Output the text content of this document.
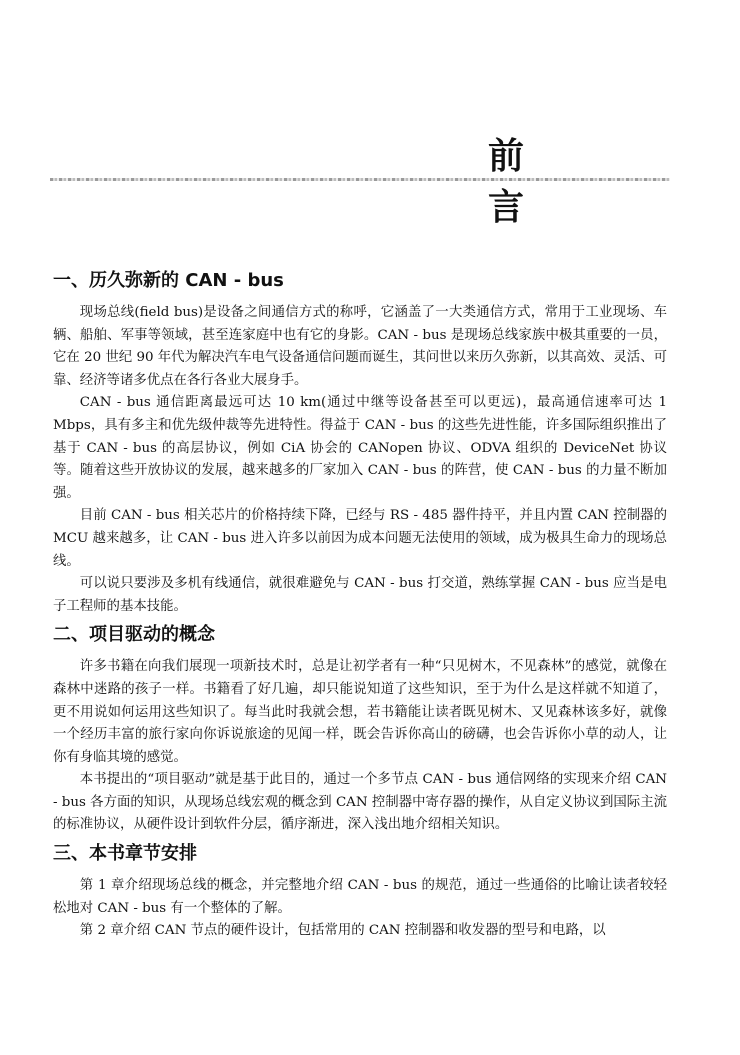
前 言
一、历久弥新的 CAN - bus

现场总线(field bus)是设备之间通信方式的称呼，它涵盖了一大类通信方式，常用于工业现场、车辆、船舶、军事等领域，甚至连家庭中也有它的身影。CAN - bus 是现场总线家族中极其重要的一员，它在 20 世纪 90 年代为解决汽车电气设备通信问题而诞生，其问世以来历久弥新，以其高效、灵活、可靠、经济等诸多优点在各行各业大展身手。

CAN - bus 通信距离最远可达 10 km(通过中继等设备甚至可以更远)，最高通信速率可达 1 Mbps，具有多主和优先级仲裁等先进特性。得益于 CAN - bus 的这些先进性能，许多国际组织推出了基于 CAN - bus 的高层协议，例如 CiA 协会的 CANopen 协议、ODVA 组织的 DeviceNet 协议等。随着这些开放协议的发展，越来越多的厂家加入 CAN - bus 的阵营，使 CAN - bus 的力量不断加强。

目前 CAN - bus 相关芯片的价格持续下降，已经与 RS - 485 器件持平，并且内置 CAN 控制器的 MCU 越来越多，让 CAN - bus 进入许多以前因为成本问题无法使用的领域，成为极具生命力的现场总线。

可以说只要涉及多机有线通信，就很难避免与 CAN - bus 打交道，熟练掌握 CAN - bus 应当是电子工程师的基本技能。

二、项目驱动的概念

许多书籍在向我们展现一项新技术时，总是让初学者有一种“只见树木，不见森林”的感觉，就像在森林中迷路的孩子一样。书籍看了好几遍，却只能说知道了这些知识，至于为什么是这样就不知道了，更不用说如何运用这些知识了。每当此时我就会想，若书籍能让读者既见树木、又见森林该多好，就像一个经历丰富的旅行家向你诉说旅途的见闻一样，既会告诉你高山的磅礴，也会告诉你小草的动人，让你有身临其境的感觉。

本书提出的“项目驱动”就是基于此目的，通过一个多节点 CAN - bus 通信网络的实现来介绍 CAN - bus 各方面的知识，从现场总线宏观的概念到 CAN 控制器中寄存器的操作，从自定义协议到国际主流的标准协议，从硬件设计到软件分层，循序渐进，深入浅出地介绍相关知识。

三、本书章节安排

第 1 章介绍现场总线的概念，并完整地介绍 CAN - bus 的规范，通过一些通俗的比喻让读者较轻松地对 CAN - bus 有一个整体的了解。

第 2 章介绍 CAN 节点的硬件设计，包括常用的 CAN 控制器和收发器的型号和电路，以
